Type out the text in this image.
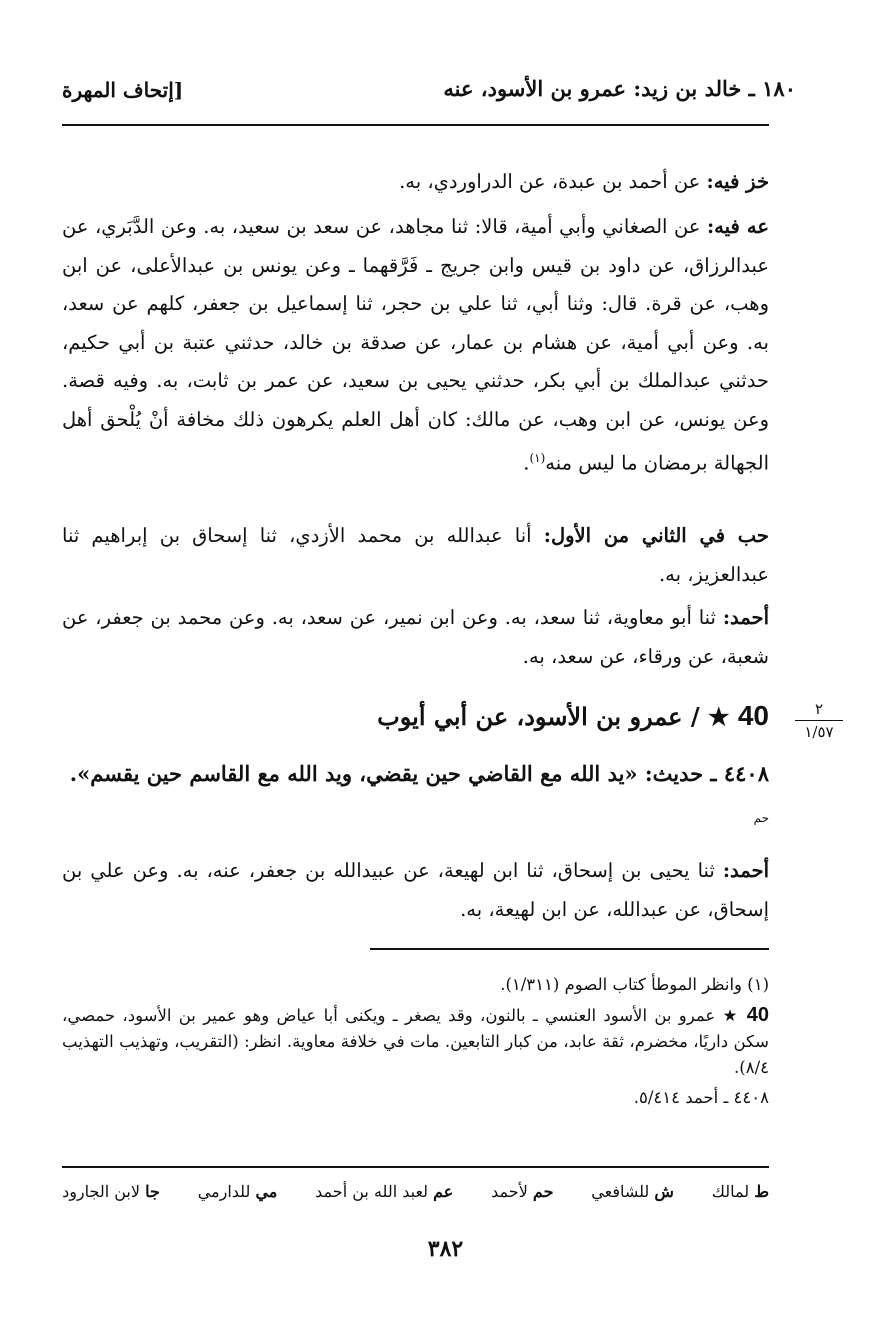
١٨٠ ـ خالد بن زيد: عمرو بن الأسود، عنه
[إتحاف المهرة
خز فيه: عن أحمد بن عبدة، عن الدراوردي، به.
عه فيه: عن الصغاني وأبي أمية، قالا: ثنا مجاهد، عن سعد بن سعيد، به. وعن الدَّبَري، عن عبدالرزاق، عن داود بن قيس وابن جريج ـ فَرَّقهما ـ وعن يونس بن عبدالأعلى، عن ابن وهب، عن قرة. قال: وثنا أبي، ثنا علي بن حجر، ثنا إسماعيل بن جعفر، كلهم عن سعد، به. وعن أبي أمية، عن هشام بن عمار، عن صدقة بن خالد، حدثني عتبة بن أبي حكيم، حدثني عبدالملك بن أبي بكر، حدثني يحيى بن سعيد، عن عمر بن ثابت، به. وفيه قصة. وعن يونس، عن ابن وهب، عن مالك: كان أهل العلم يكرهون ذلك مخافة أنْ يُلْحق أهل الجهالة برمضان ما ليس منه$^{(١)}$.
حب في الثاني من الأول: أنا عبدالله بن محمد الأزدي، ثنا إسحاق بن إبراهيم ثنا عبدالعزيز، به.
أحمد: ثنا أبو معاوية، ثنا سعد، به. وعن ابن نمير، عن سعد، به. وعن محمد بن جعفر، عن شعبة، عن ورقاء، عن سعد، به.
40 ★ / عمرو بن الأسود، عن أبي أيوب	٢
١/٥٧
٤٤٠٨ ـ حديث: «يد الله مع القاضي حين يقضي، ويد الله مع القاسم حين يقسم». $^{حم}$
أحمد: ثنا يحيى بن إسحاق، ثنا ابن لهيعة، عن عبيدالله بن جعفر، عنه، به. وعن علي بن إسحاق، عن عبدالله، عن ابن لهيعة، به.

(١) وانظر الموطأ كتاب الصوم (١/٣١١).

40 ★ عمرو بن الأسود العنسي ـ بالنون، وقد يصغر ـ ويكنى أبا عياض وهو عمير بن الأسود، حمصي، سكن داريًا، مخضرم، ثقة عابد، من كبار التابعين. مات في خلافة معاوية. انظر: (التقريب، وتهذيب التهذيب ٨/٤).

٤٤٠٨ ـ أحمد ٥/٤١٤.

ط لمالك
ش للشافعي
حم لأحمد
عم لعبد الله بن أحمد
مي للدارمي
جا لابن الجارود
٣٨٢
